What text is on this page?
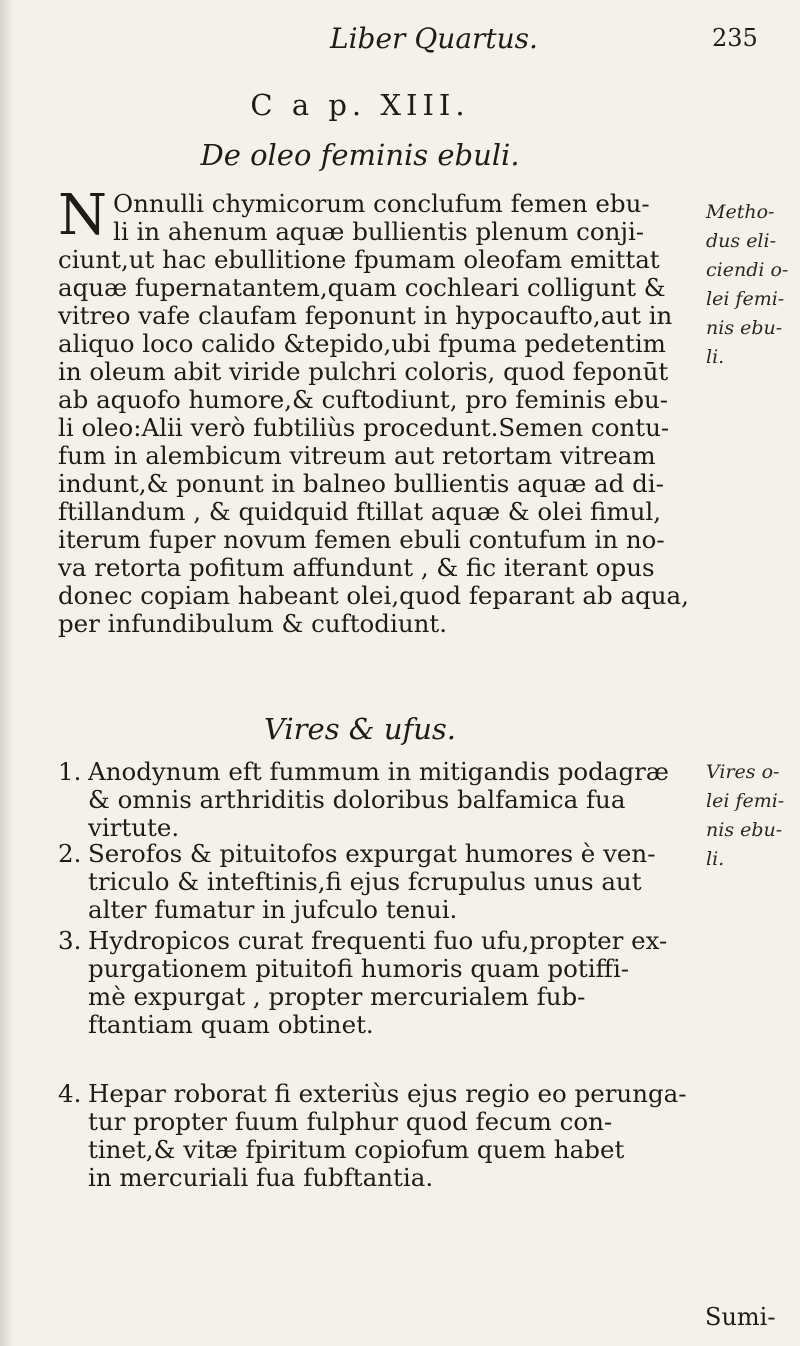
Liber Quartus.	235
C a p. XIII.
De oleo feminis ebuli.
N Onnulli chymicorum conclufum femen ebu-
li in ahenum aquæ bullientis plenum conji-
ciunt,ut hac ebullitione fpumam oleofam emittat
aquæ fupernatantem,quam cochleari colligunt &
vitreo vafe claufam feponunt in hypocaufto,aut in
aliquo loco calido &tepido,ubi fpuma pedetentim
in oleum abit viride pulchri coloris, quod feponūt
ab aquofo humore,& cuftodiunt, pro feminis ebu-
li oleo:Alii verò fubtiliùs procedunt.Semen contu-
fum in alembicum vitreum aut retortam vitream
indunt,& ponunt in balneo bullientis aquæ ad di-
ftillandum , & quidquid ftillat aquæ & olei fimul,
iterum fuper novum femen ebuli contufum in no-
va retorta pofitum affundunt , & fic iterant opus
donec copiam habeant olei,quod feparant ab aqua,
per infundibulum & cuftodiunt.
Metho-
dus eli-
ciendi o-
lei femi-
nis ebu-
li.
Vires & ufus.
Vires o-
lei femi-
nis ebu-
li.
1. Anodynum eft fummum in mitigandis podagræ
& omnis arthriditis doloribus balfamica fua
virtute.
2. Serofos & pituitofos expurgat humores è ven-
triculo & inteftinis,fi ejus fcrupulus unus aut
alter fumatur in jufculo tenui.
3. Hydropicos curat frequenti fuo ufu,propter ex-
purgationem pituitofi humoris quam potiffi-
mè expurgat , propter mercurialem fub-
ftantiam quam obtinet.
4. Hepar roborat fi exteriùs ejus regio eo perunga-
tur propter fuum fulphur quod fecum con-
tinet,& vitæ fpiritum copiofum quem habet
in mercuriali fua fubftantia.
Sumi-
